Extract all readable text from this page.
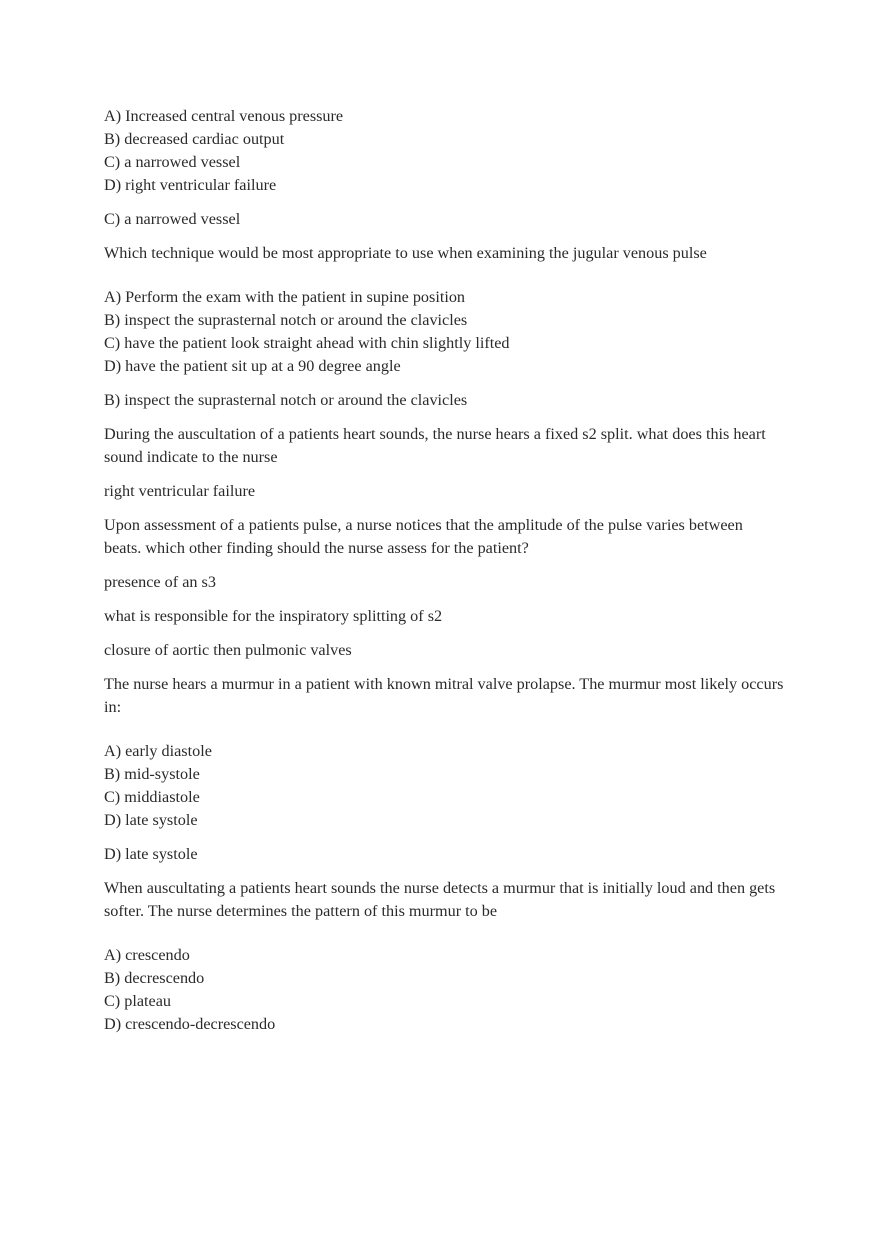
A) Increased central venous pressure
B) decreased cardiac output
C) a narrowed vessel
D) right ventricular failure

C) a narrowed vessel

Which technique would be most appropriate to use when examining the jugular venous pulse

A) Perform the exam with the patient in supine position
B) inspect the suprasternal notch or around the clavicles
C) have the patient look straight ahead with chin slightly lifted
D) have the patient sit up at a 90 degree angle

B) inspect the suprasternal notch or around the clavicles

During the auscultation of a patients heart sounds, the nurse hears a fixed s2 split. what does this heart sound indicate to the nurse

right ventricular failure

Upon assessment of a patients pulse, a nurse notices that the amplitude of the pulse varies between beats. which other finding should the nurse assess for the patient?

presence of an s3

what is responsible for the inspiratory splitting of s2

closure of aortic then pulmonic valves

The nurse hears a murmur in a patient with known mitral valve prolapse. The murmur most likely occurs in:

A) early diastole
B) mid-systole
C) middiastole
D) late systole

D) late systole

When auscultating a patients heart sounds the nurse detects a murmur that is initially loud and then gets softer. The nurse determines the pattern of this murmur to be

A) crescendo
B) decrescendo
C) plateau
D) crescendo-decrescendo
